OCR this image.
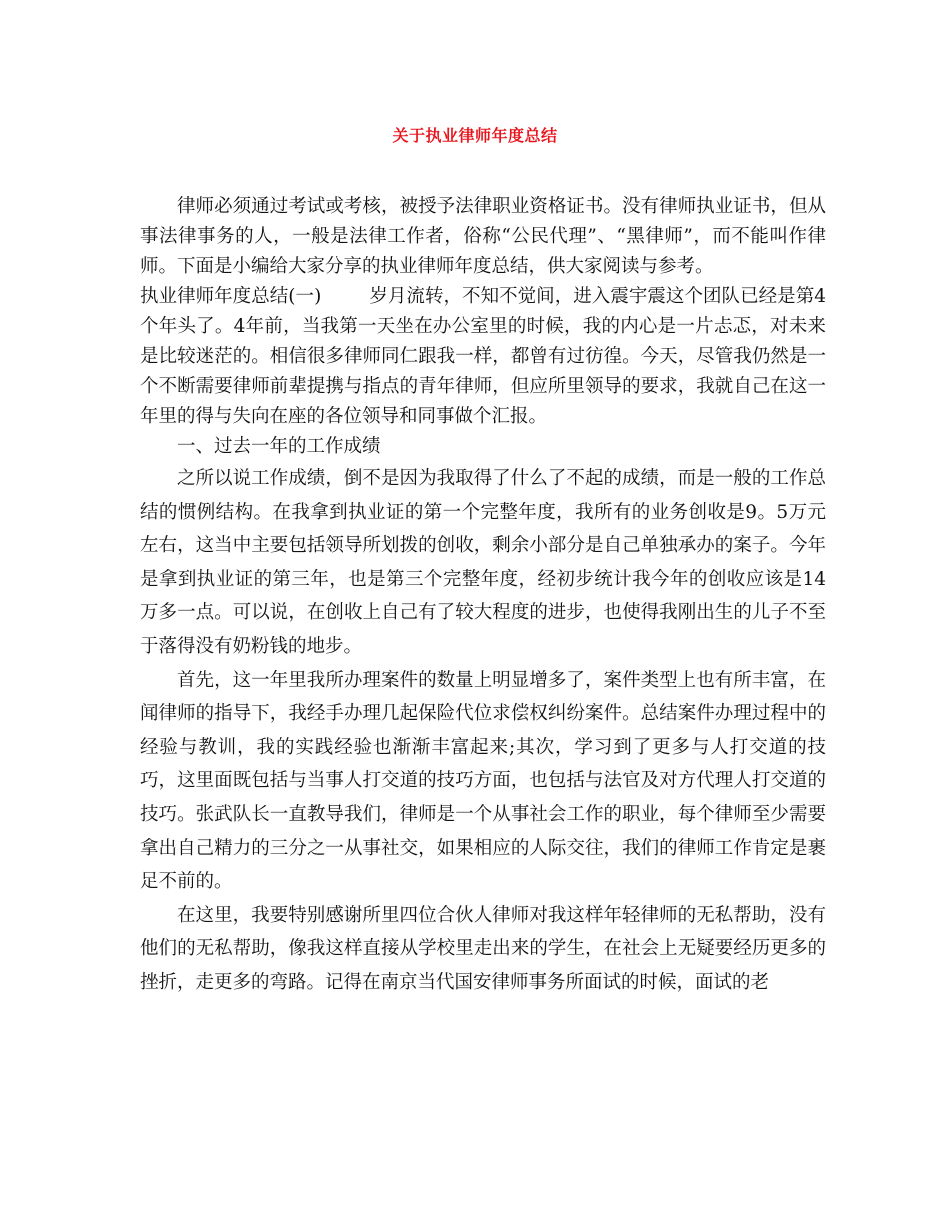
关于执业律师年度总结

律师必须通过考试或考核，被授予法律职业资格证书。没有律师执业证书，但从事法律事务的人，一般是法律工作者，俗称“公民代理”、“黑律师”，而不能叫作律师。下面是小编给大家分享的执业律师年度总结，供大家阅读与参考。

执业律师年度总结(一)	岁月流转，不知不觉间，进入震宇震这个团队已经是第4个年头了。4年前，当我第一天坐在办公室里的时候，我的内心是一片忐忑，对未来是比较迷茫的。相信很多律师同仁跟我一样，都曾有过彷徨。今天，尽管我仍然是一个不断需要律师前辈提携与指点的青年律师，但应所里领导的要求，我就自己在这一年里的得与失向在座的各位领导和同事做个汇报。

一、过去一年的工作成绩

之所以说工作成绩，倒不是因为我取得了什么了不起的成绩，而是一般的工作总结的惯例结构。在我拿到执业证的第一个完整年度，我所有的业务创收是9。5万元左右，这当中主要包括领导所划拨的创收，剩余小部分是自己单独承办的案子。今年是拿到执业证的第三年，也是第三个完整年度，经初步统计我今年的创收应该是14万多一点。可以说，在创收上自己有了较大程度的进步，也使得我刚出生的儿子不至于落得没有奶粉钱的地步。

首先，这一年里我所办理案件的数量上明显增多了，案件类型上也有所丰富，在闻律师的指导下，我经手办理几起保险代位求偿权纠纷案件。总结案件办理过程中的经验与教训，我的实践经验也渐渐丰富起来;其次，学习到了更多与人打交道的技巧，这里面既包括与当事人打交道的技巧方面，也包括与法官及对方代理人打交道的技巧。张武队长一直教导我们，律师是一个从事社会工作的职业，每个律师至少需要拿出自己精力的三分之一从事社交，如果相应的人际交往，我们的律师工作肯定是裹足不前的。

在这里，我要特别感谢所里四位合伙人律师对我这样年轻律师的无私帮助，没有他们的无私帮助，像我这样直接从学校里走出来的学生，在社会上无疑要经历更多的挫折，走更多的弯路。记得在南京当代国安律师事务所面试的时候，面试的老
